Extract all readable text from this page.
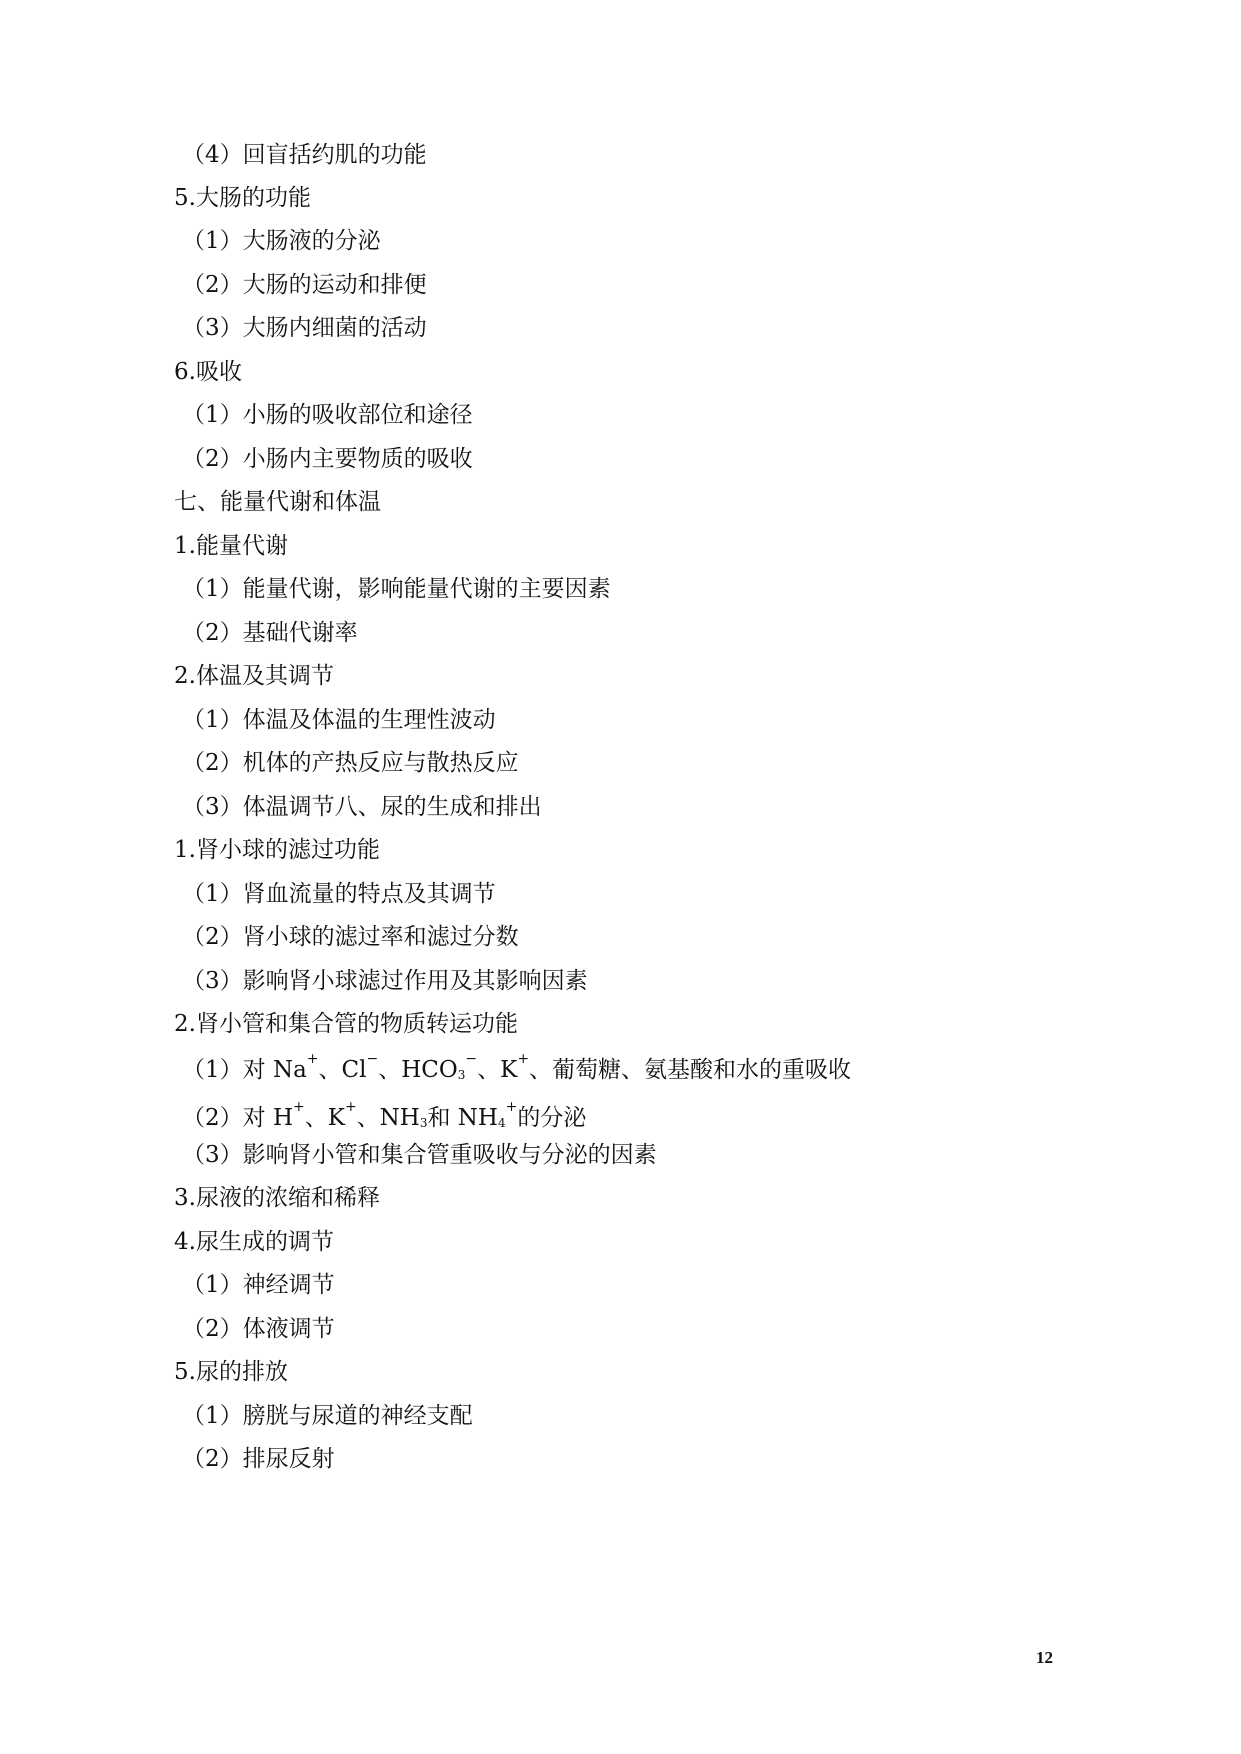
（4）回盲括约肌的功能
5.大肠的功能
（1）大肠液的分泌
（2）大肠的运动和排便
（3）大肠内细菌的活动
6.吸收
（1）小肠的吸收部位和途径
（2）小肠内主要物质的吸收
七、能量代谢和体温
1.能量代谢
（1）能量代谢，影响能量代谢的主要因素
（2）基础代谢率
2.体温及其调节
（1）体温及体温的生理性波动
（2）机体的产热反应与散热反应
（3）体温调节八、尿的生成和排出
1.肾小球的滤过功能
（1）肾血流量的特点及其调节
（2）肾小球的滤过率和滤过分数
（3）影响肾小球滤过作用及其影响因素
2.肾小管和集合管的物质转运功能
（1）对 Na+、Cl−、$HCO_3^-$、K+、葡萄糖、氨基酸和水的重吸收
（2）对 H+、K+、$NH_3$和 $NH_4^+$的分泌
（3）影响肾小管和集合管重吸收与分泌的因素
3.尿液的浓缩和稀释
4.尿生成的调节
（1）神经调节
（2）体液调节
5.尿的排放
（1）膀胱与尿道的神经支配
（2）排尿反射
12
